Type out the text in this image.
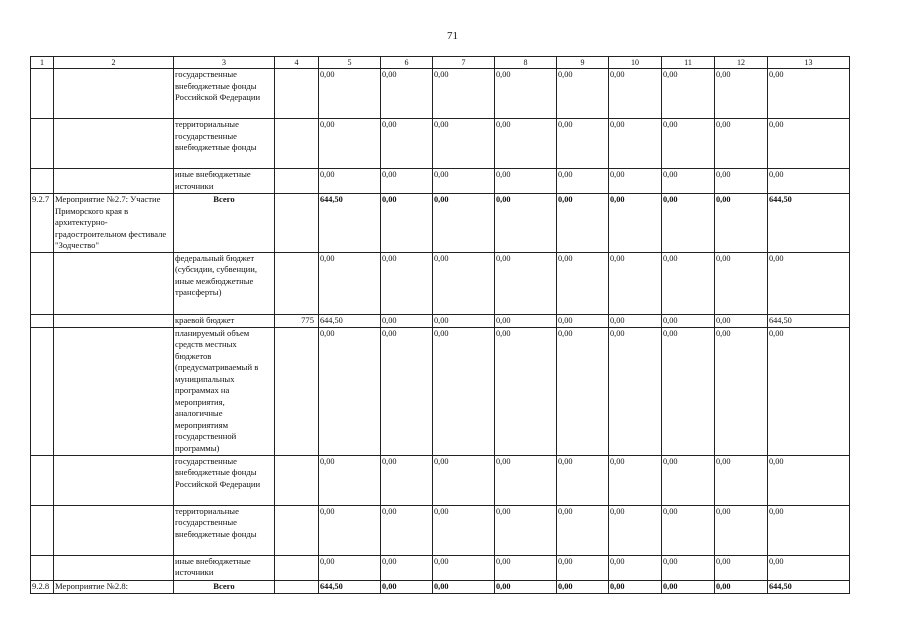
71
1	2	3	4	5	6	7	8	9	10	11	12	13
		государственные внебюджетные фонды Российской Федерации		0,00	0,00	0,00	0,00	0,00	0,00	0,00	0,00	0,00
		территориальные государственные внебюджетные фонды		0,00	0,00	0,00	0,00	0,00	0,00	0,00	0,00	0,00
		иные внебюджетные источники		0,00	0,00	0,00	0,00	0,00	0,00	0,00	0,00	0,00
9.2.7	Мероприятие №2.7: Участие Приморского края в архитектурно-градостроительном фестивале "Зодчество"	Всего		644,50	0,00	0,00	0,00	0,00	0,00	0,00	0,00	644,50
		федеральный бюджет (субсидии, субвенции, иные межбюджетные трансферты)		0,00	0,00	0,00	0,00	0,00	0,00	0,00	0,00	0,00
		краевой бюджет	775	644,50	0,00	0,00	0,00	0,00	0,00	0,00	0,00	644,50
		планируемый объем средств местных бюджетов (предусматриваемый в муниципальных программах на мероприятия, аналогичные мероприятиям государственной программы)		0,00	0,00	0,00	0,00	0,00	0,00	0,00	0,00	0,00
		государственные внебюджетные фонды Российской Федерации		0,00	0,00	0,00	0,00	0,00	0,00	0,00	0,00	0,00
		территориальные государственные внебюджетные фонды		0,00	0,00	0,00	0,00	0,00	0,00	0,00	0,00	0,00
		иные внебюджетные источники		0,00	0,00	0,00	0,00	0,00	0,00	0,00	0,00	0,00
9.2.8	Мероприятие №2.8:	Всего		644,50	0,00	0,00	0,00	0,00	0,00	0,00	0,00	644,50
